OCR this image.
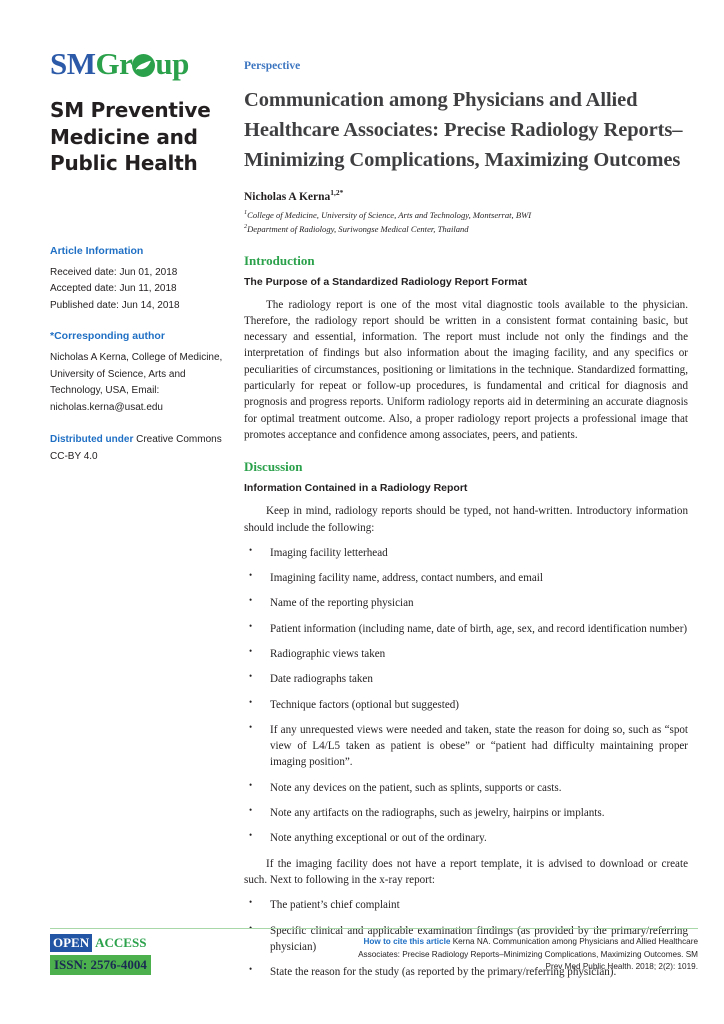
SMGr up
SM Preventive Medicine and Public Health
Article Information
Received date: Jun 01, 2018
Accepted date: Jun 11, 2018
Published date: Jun 14, 2018
*Corresponding author
Nicholas A Kerna, College of Medicine, University of Science, Arts and Technology, USA, Email: nicholas.kerna@usat.edu
Distributed under Creative Commons CC-BY 4.0
Perspective
Communication among Physicians and Allied Healthcare Associates: Precise Radiology Reports–Minimizing Complications, Maximizing Outcomes
Nicholas A Kerna$^{1,2*}$
$^1$College of Medicine, University of Science, Arts and Technology, Montserrat, BWI
$^2$Department of Radiology, Suriwongse Medical Center, Thailand
Introduction
The Purpose of a Standardized Radiology Report Format

The radiology report is one of the most vital diagnostic tools available to the physician. Therefore, the radiology report should be written in a consistent format containing basic, but necessary and essential, information. The report must include not only the findings and the interpretation of findings but also information about the imaging facility, and any specifics or peculiarities of circumstances, positioning or limitations in the technique. Standardized formatting, particularly for repeat or follow-up procedures, is fundamental and critical for diagnosis and prognosis and progress reports. Uniform radiology reports aid in determining an accurate diagnosis for optimal treatment outcome. Also, a proper radiology report projects a professional image that promotes acceptance and confidence among associates, peers, and patients.

Discussion
Information Contained in a Radiology Report

Keep in mind, radiology reports should be typed, not hand-written. Introductory information should include the following:

• Imaging facility letterhead
• Imagining facility name, address, contact numbers, and email
• Name of the reporting physician
• Patient information (including name, date of birth, age, sex, and record identification number)
• Radiographic views taken
• Date radiographs taken
• Technique factors (optional but suggested)
• If any unrequested views were needed and taken, state the reason for doing so, such as “spot view of L4/L5 taken as patient is obese” or “patient had difficulty maintaining proper imaging position”.
• Note any devices on the patient, such as splints, supports or casts.
• Note any artifacts on the radiographs, such as jewelry, hairpins or implants.
• Note anything exceptional or out of the ordinary.

If the imaging facility does not have a report template, it is advised to download or create such. Next to following in the x-ray report:

• The patient’s chief complaint
• Specific clinical and applicable examination findings (as provided by the primary/referring physician)
• State the reason for the study (as reported by the primary/referring physician).
OPEN ACCESS
ISSN: 2576-4004
How to cite this article Kerna NA. Communication among Physicians and Allied Healthcare Associates: Precise Radiology Reports–Minimizing Complications, Maximizing Outcomes. SM Prev Med Public Health. 2018; 2(2): 1019.
